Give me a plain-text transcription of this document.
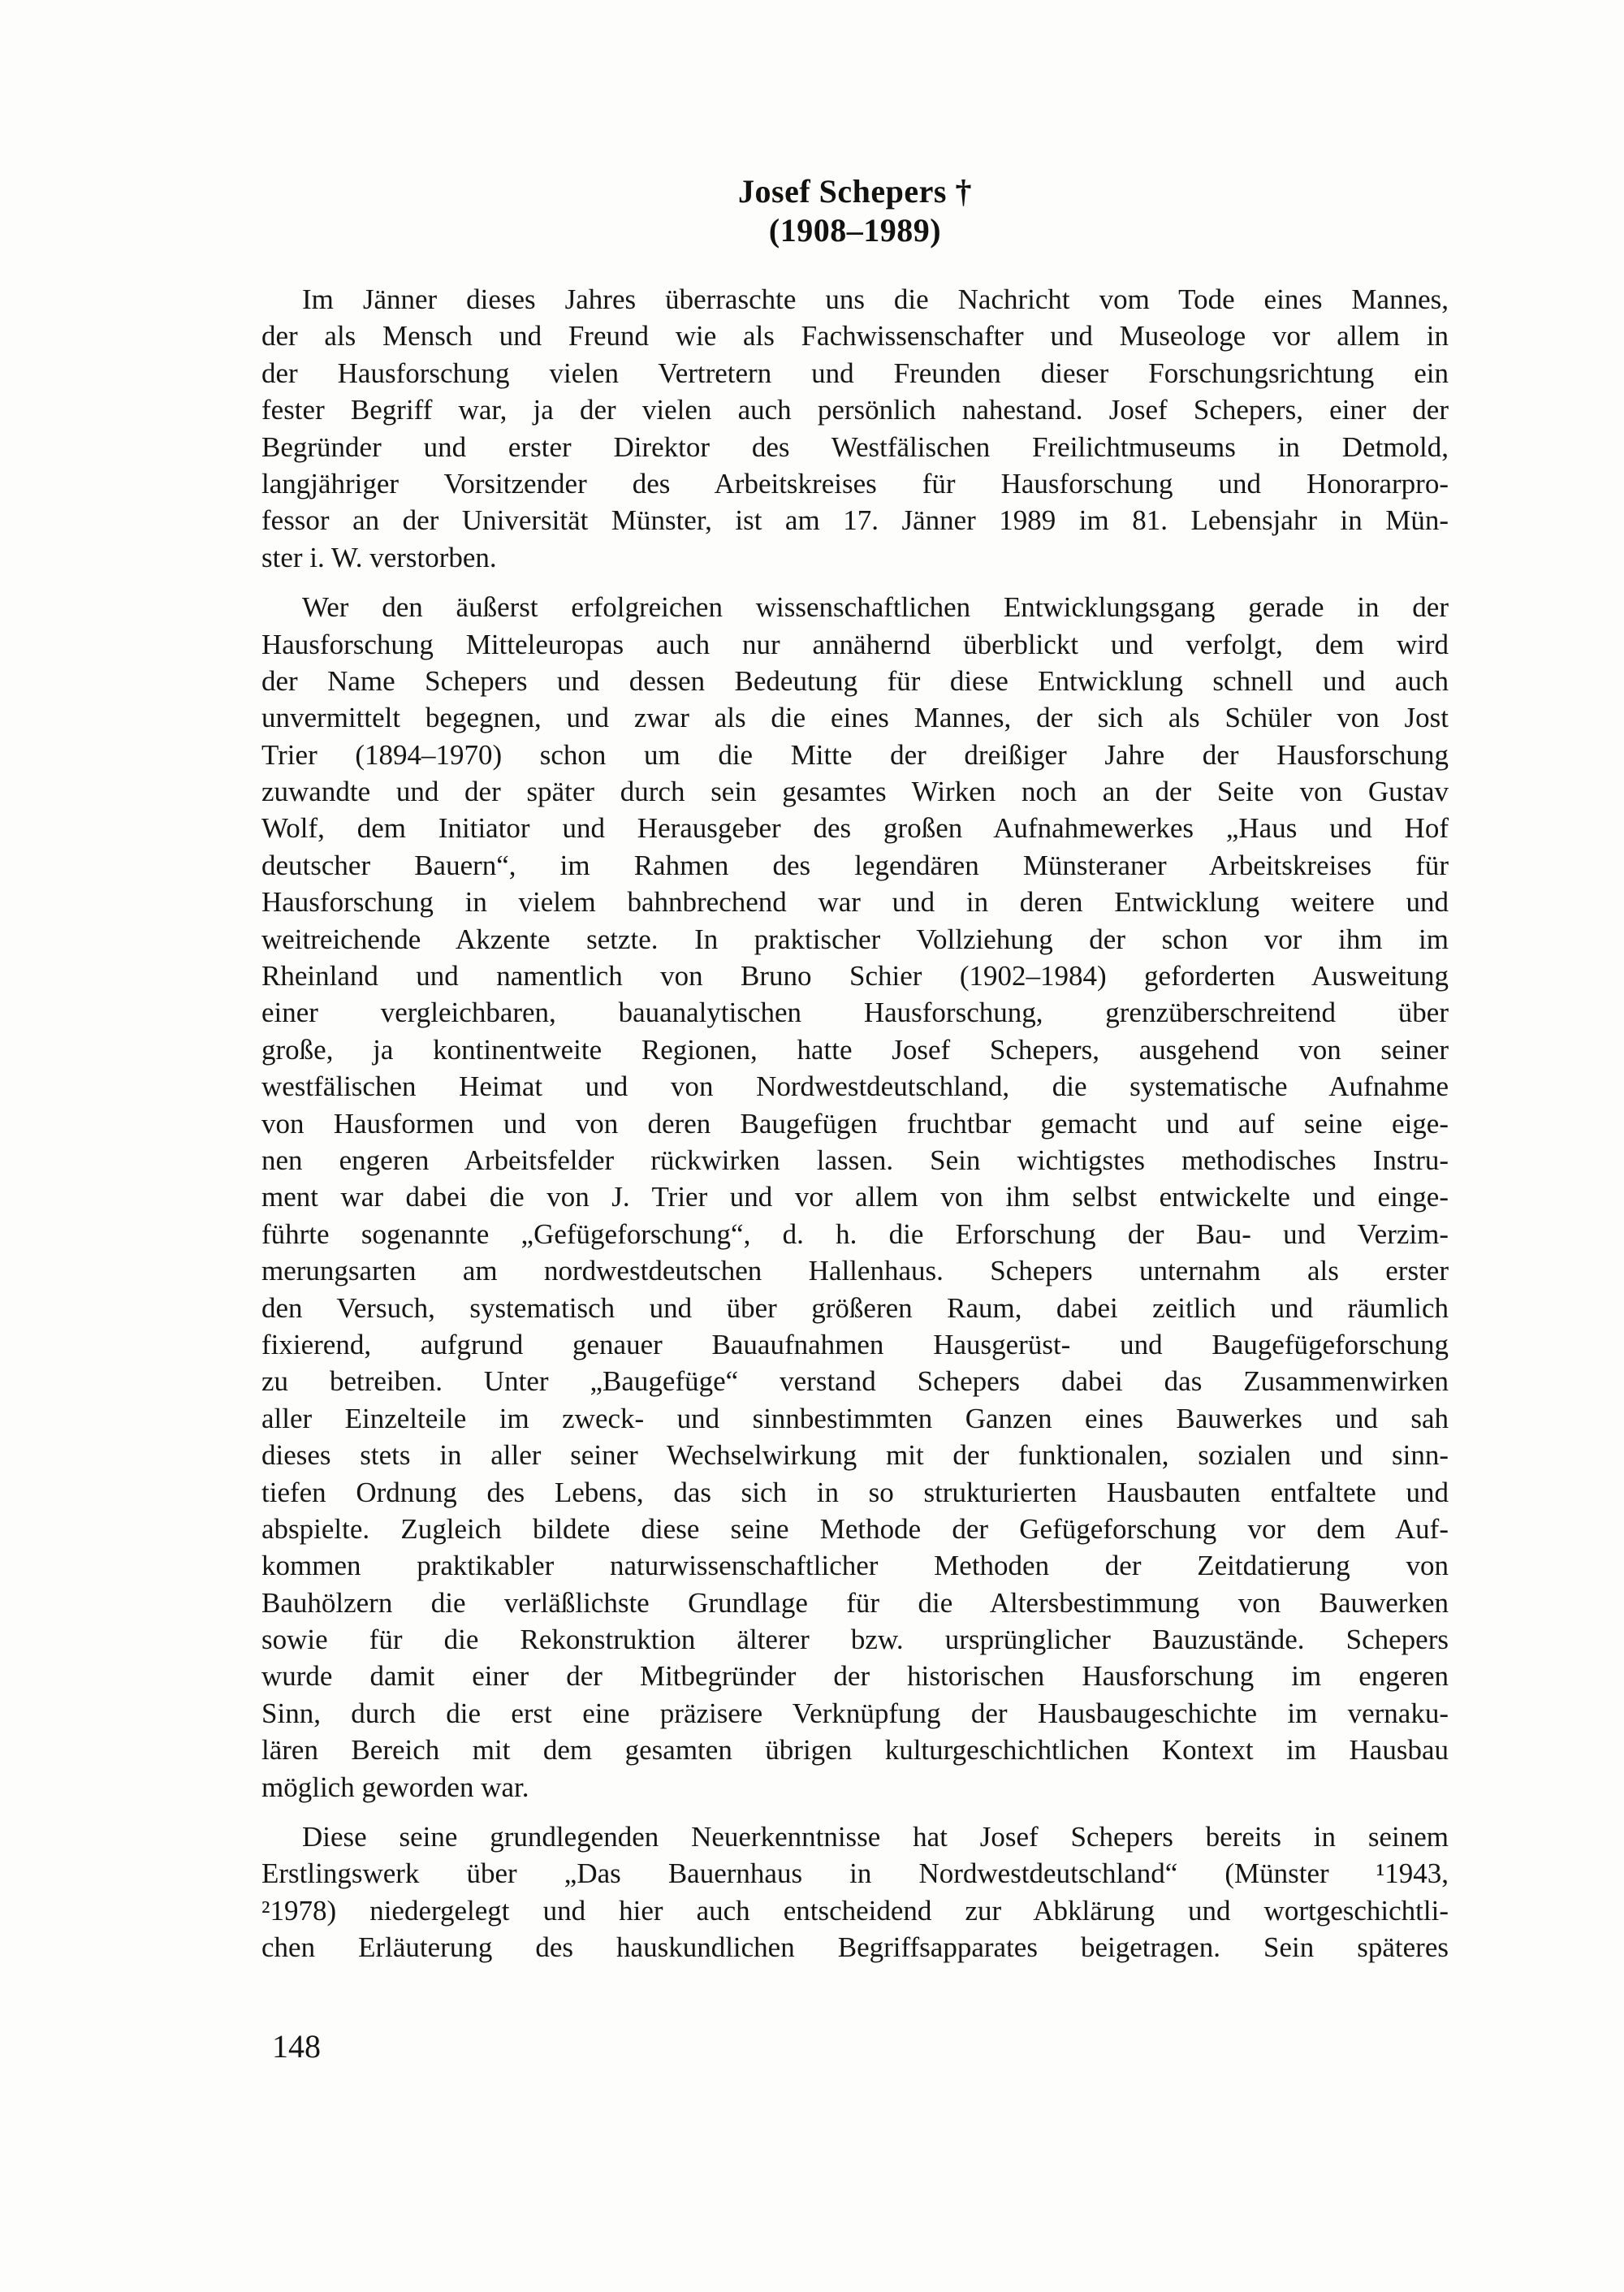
Josef Schepers †
(1908–1989)
Im Jänner dieses Jahres überraschte uns die Nachricht vom Tode eines Mannes,
der als Mensch und Freund wie als Fachwissenschafter und Museologe vor allem in
der Hausforschung vielen Vertretern und Freunden dieser Forschungsrichtung ein
fester Begriff war, ja der vielen auch persönlich nahestand. Josef Schepers, einer der
Begründer und erster Direktor des Westfälischen Freilichtmuseums in Detmold,
langjähriger Vorsitzender des Arbeitskreises für Hausforschung und Honorarpro-
fessor an der Universität Münster, ist am 17. Jänner 1989 im 81. Lebensjahr in Mün-
ster i. W. verstorben.
Wer den äußerst erfolgreichen wissenschaftlichen Entwicklungsgang gerade in der
Hausforschung Mitteleuropas auch nur annähernd überblickt und verfolgt, dem wird
der Name Schepers und dessen Bedeutung für diese Entwicklung schnell und auch
unvermittelt begegnen, und zwar als die eines Mannes, der sich als Schüler von Jost
Trier (1894–1970) schon um die Mitte der dreißiger Jahre der Hausforschung
zuwandte und der später durch sein gesamtes Wirken noch an der Seite von Gustav
Wolf, dem Initiator und Herausgeber des großen Aufnahmewerkes „Haus und Hof
deutscher Bauern“, im Rahmen des legendären Münsteraner Arbeitskreises für
Hausforschung in vielem bahnbrechend war und in deren Entwicklung weitere und
weitreichende Akzente setzte. In praktischer Vollziehung der schon vor ihm im
Rheinland und namentlich von Bruno Schier (1902–1984) geforderten Ausweitung
einer vergleichbaren, bauanalytischen Hausforschung, grenzüberschreitend über
große, ja kontinentweite Regionen, hatte Josef Schepers, ausgehend von seiner
westfälischen Heimat und von Nordwestdeutschland, die systematische Aufnahme
von Hausformen und von deren Baugefügen fruchtbar gemacht und auf seine eige-
nen engeren Arbeitsfelder rückwirken lassen. Sein wichtigstes methodisches Instru-
ment war dabei die von J. Trier und vor allem von ihm selbst entwickelte und einge-
führte sogenannte „Gefügeforschung“, d. h. die Erforschung der Bau- und Verzim-
merungsarten am nordwestdeutschen Hallenhaus. Schepers unternahm als erster
den Versuch, systematisch und über größeren Raum, dabei zeitlich und räumlich
fixierend, aufgrund genauer Bauaufnahmen Hausgerüst- und Baugefügeforschung
zu betreiben. Unter „Baugefüge“ verstand Schepers dabei das Zusammenwirken
aller Einzelteile im zweck- und sinnbestimmten Ganzen eines Bauwerkes und sah
dieses stets in aller seiner Wechselwirkung mit der funktionalen, sozialen und sinn-
tiefen Ordnung des Lebens, das sich in so strukturierten Hausbauten entfaltete und
abspielte. Zugleich bildete diese seine Methode der Gefügeforschung vor dem Auf-
kommen praktikabler naturwissenschaftlicher Methoden der Zeitdatierung von
Bauhölzern die verläßlichste Grundlage für die Altersbestimmung von Bauwerken
sowie für die Rekonstruktion älterer bzw. ursprünglicher Bauzustände. Schepers
wurde damit einer der Mitbegründer der historischen Hausforschung im engeren
Sinn, durch die erst eine präzisere Verknüpfung der Hausbaugeschichte im vernaku-
lären Bereich mit dem gesamten übrigen kulturgeschichtlichen Kontext im Hausbau
möglich geworden war.
Diese seine grundlegenden Neuerkenntnisse hat Josef Schepers bereits in seinem
Erstlingswerk über „Das Bauernhaus in Nordwestdeutschland“ (Münster ¹1943,
²1978) niedergelegt und hier auch entscheidend zur Abklärung und wortgeschichtli-
chen Erläuterung des hauskundlichen Begriffsapparates beigetragen. Sein späteres
148
